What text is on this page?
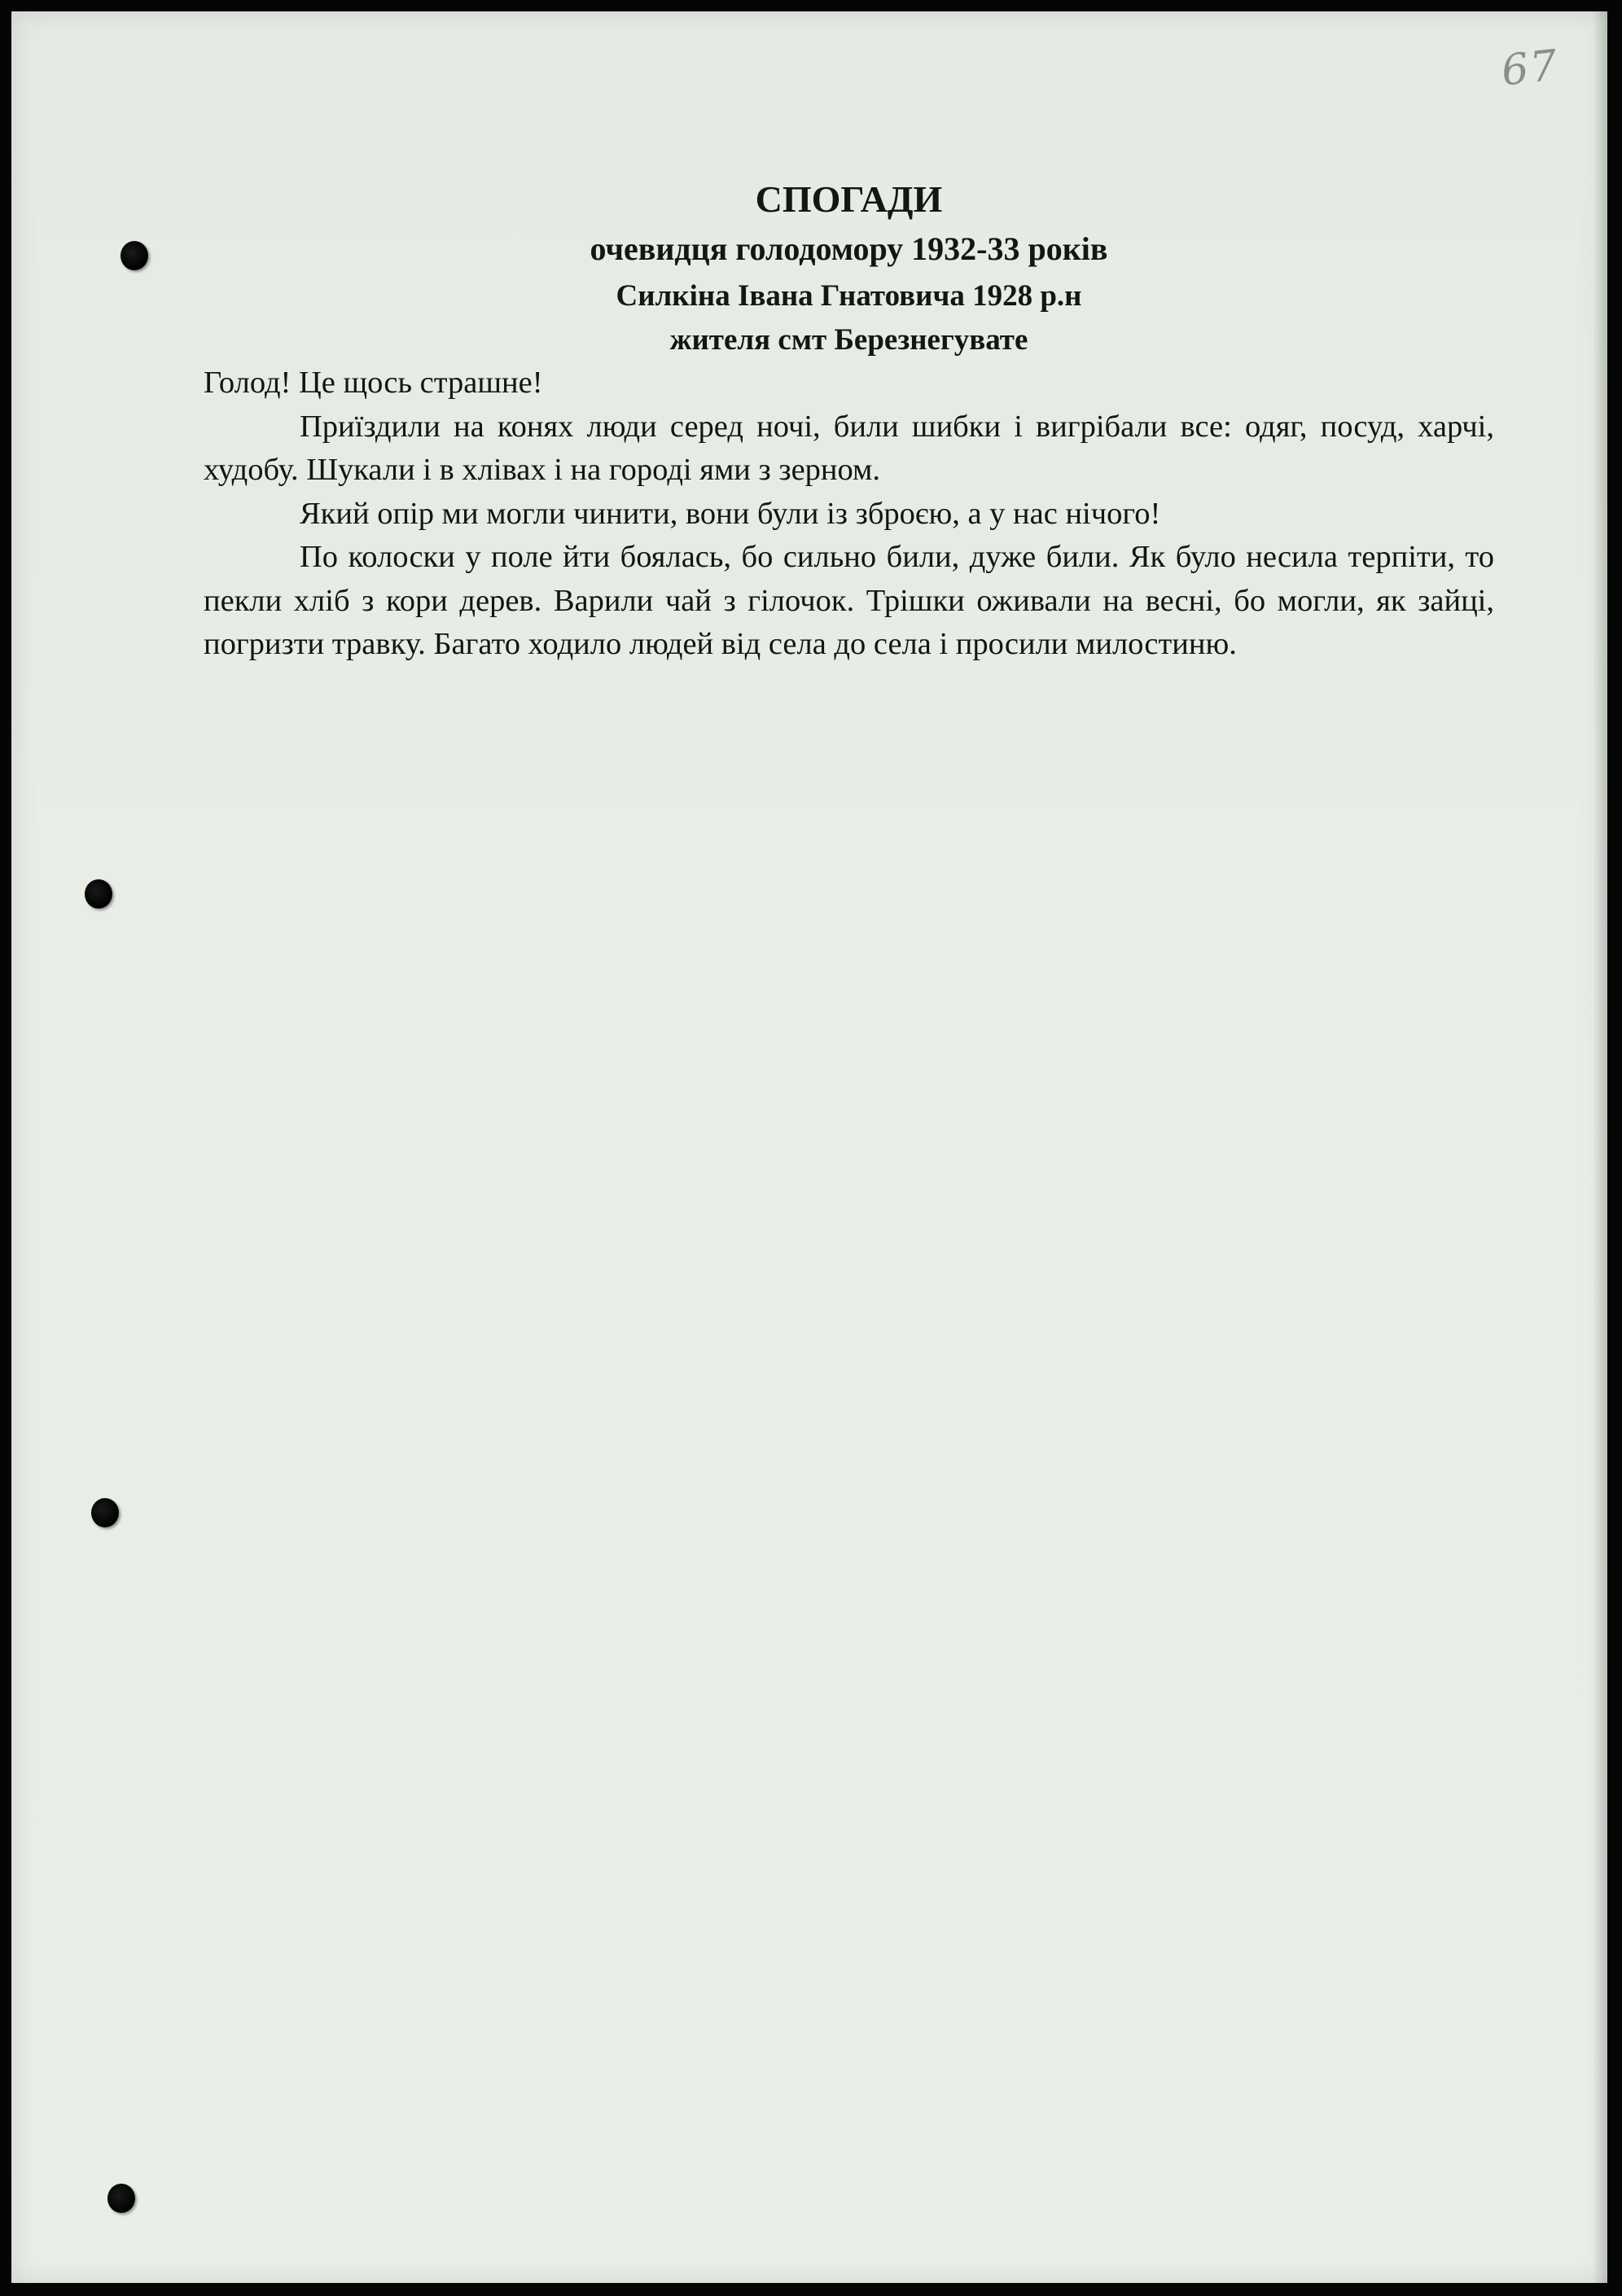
67
СПОГАДИ
очевидця голодомору 1932-33 років
Силкіна Івана Гнатовича 1928 р.н
жителя смт Березнегувате

Голод! Це щось страшне!

Приїздили на конях люди серед ночі, били шибки і вигрібали все: одяг, посуд, харчі, худобу. Шукали і в хлівах і на городі ями з зерном.

Який опір ми могли чинити, вони були із зброєю, а у нас нічого!

По колоски у поле йти боялась, бо сильно били, дуже били. Як було несила терпіти, то пекли хліб з кори дерев. Варили чай з гілочок. Трішки оживали на весні, бо могли, як зайці, погризти травку. Багато ходило людей від села до села і просили милостиню.
